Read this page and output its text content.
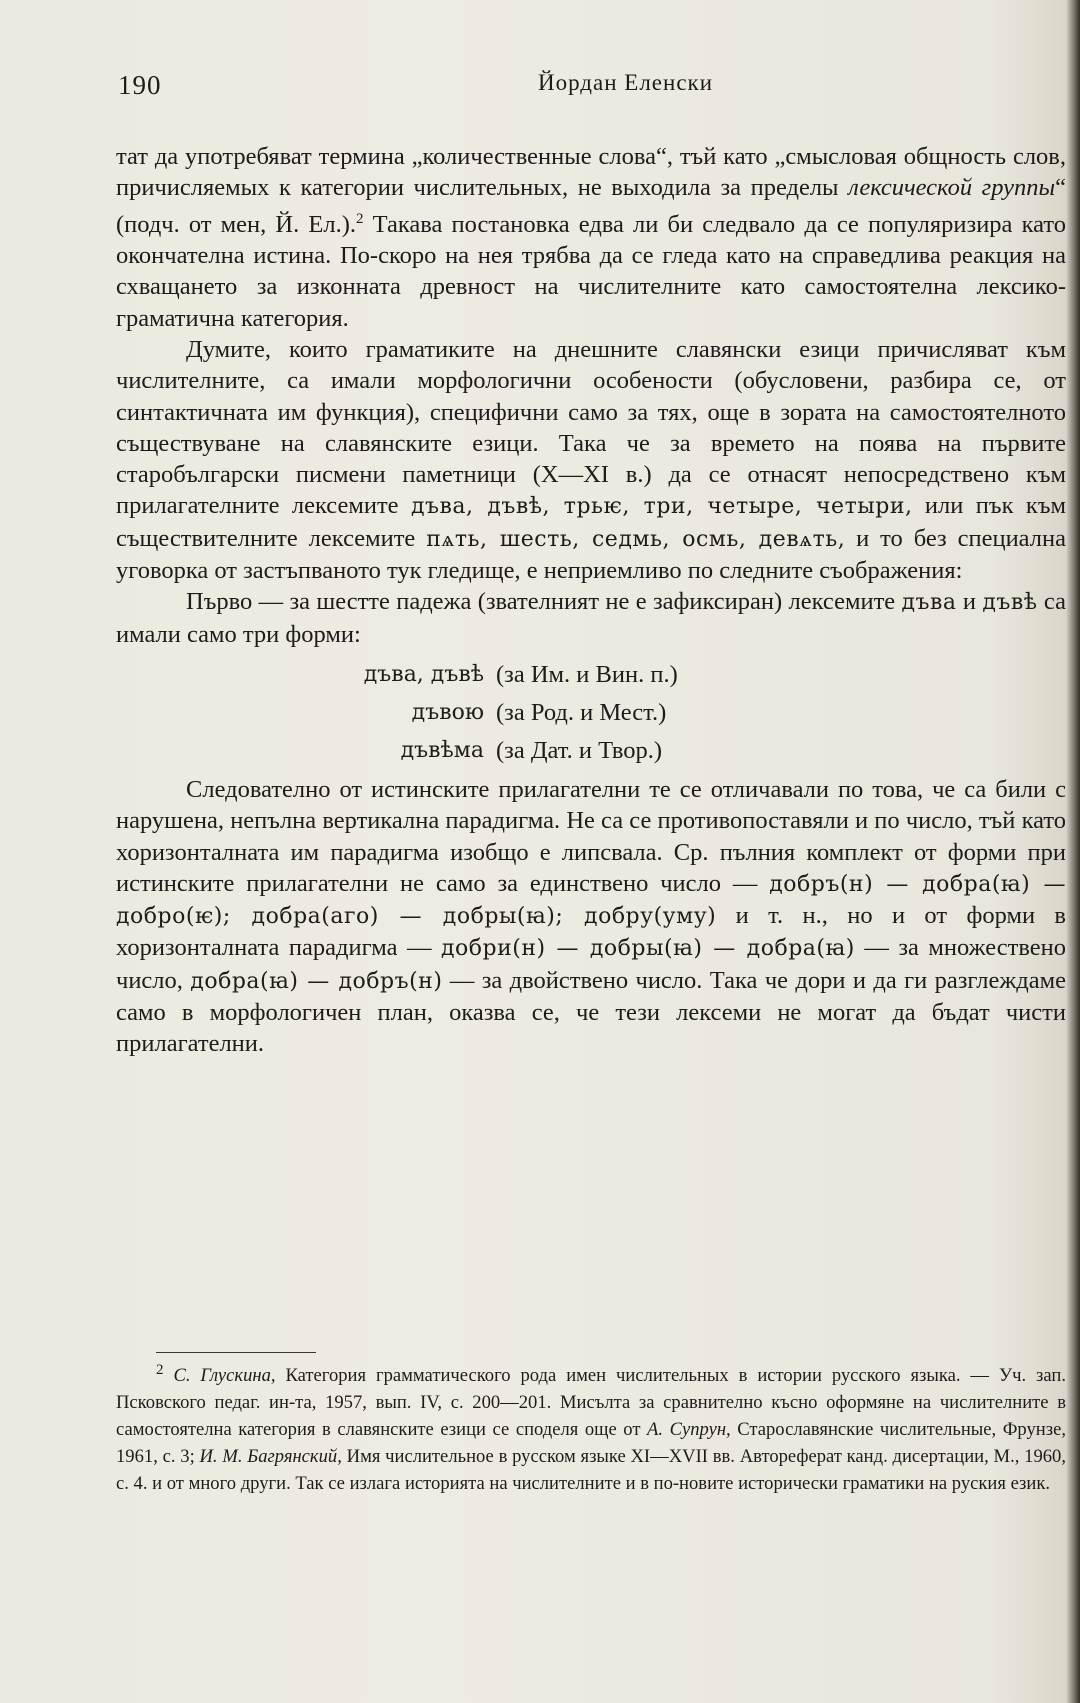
190	Йордан Еленски

тат да употребяват термина „количественные слова“, тъй като „смысловая общность слов, причисляемых к категории числительных, не выходила за пределы лексической группы“ (подч. от мен, Й. Ел.).$^2$ Такава постановка едва ли би следвало да се популяризира като окончателна истина. По-скоро на нея трябва да се гледа като на справедлива реакция на схващането за изконната древност на числителните като самостоятелна лексико-граматична категория.

Думите, които граматиките на днешните славянски езици причисляват към числителните, са имали морфологични особености (обусловени, разбира се, от синтактичната им функция), специфични само за тях, още в зората на самостоятелното съществуване на славянските езици. Така че за времето на поява на първите старобългарски писмени паметници (X—XI в.) да се отнасят непосредствено към прилагателните лексемите дъва, дъвѣ, трьѥ, три, четыре, четыри, или пък към съществителните лексемите пѧть, шесть, седмь, осмь, девѧть, и то без специална уговорка от застъпваното тук гледище, е неприемливо по следните съображения:

Първо — за шестте падежа (звателният не е зафиксиран) лексемите дъва и дъвѣ са имали само три форми:

дъва, дъвѣ (за Им. и Вин. п.)
дъвою (за Род. и Мест.)
дъвѣма (за Дат. и Твор.)

Следователно от истинските прилагателни те се отличавали по това, че са били с нарушена, непълна вертикална парадигма. Не са се противопоставяли и по число, тъй като хоризонталната им парадигма изобщо е липсвала. Ср. пълния комплект от форми при истинските прилагателни не само за единствено число — добръ(н) — добра(ꙗ) — добро(ѥ); добра(аго) — добры(ꙗ); добру(уму) и т. н., но и от форми в хоризонталната парадигма — добри(н) — добры(ꙗ) — добра(ꙗ) — за множествено число, добра(ꙗ) — добръ(н) — за двойствено число. Така че дори и да ги разглеждаме само в морфологичен план, оказва се, че тези лексеми не могат да бъдат чисти прилагателни.

$^2$ С. Глускина, Категория грамматического рода имен числительных в истории русского языка. — Уч. зап. Псковского педаг. ин-та, 1957, вып. IV, с. 200—201. Мисълта за сравнително късно оформяне на числителните в самостоятелна категория в славянските езици се споделя още от А. Супрун, Старославянские числительные, Фрунзе, 1961, с. 3; И. М. Багрянский, Имя числительное в русском языке XI—XVII вв. Автореферат канд. дисертации, М., 1960, с. 4. и от много други. Так се излага историята на числителните и в по-новите исторически граматики на руския език.
